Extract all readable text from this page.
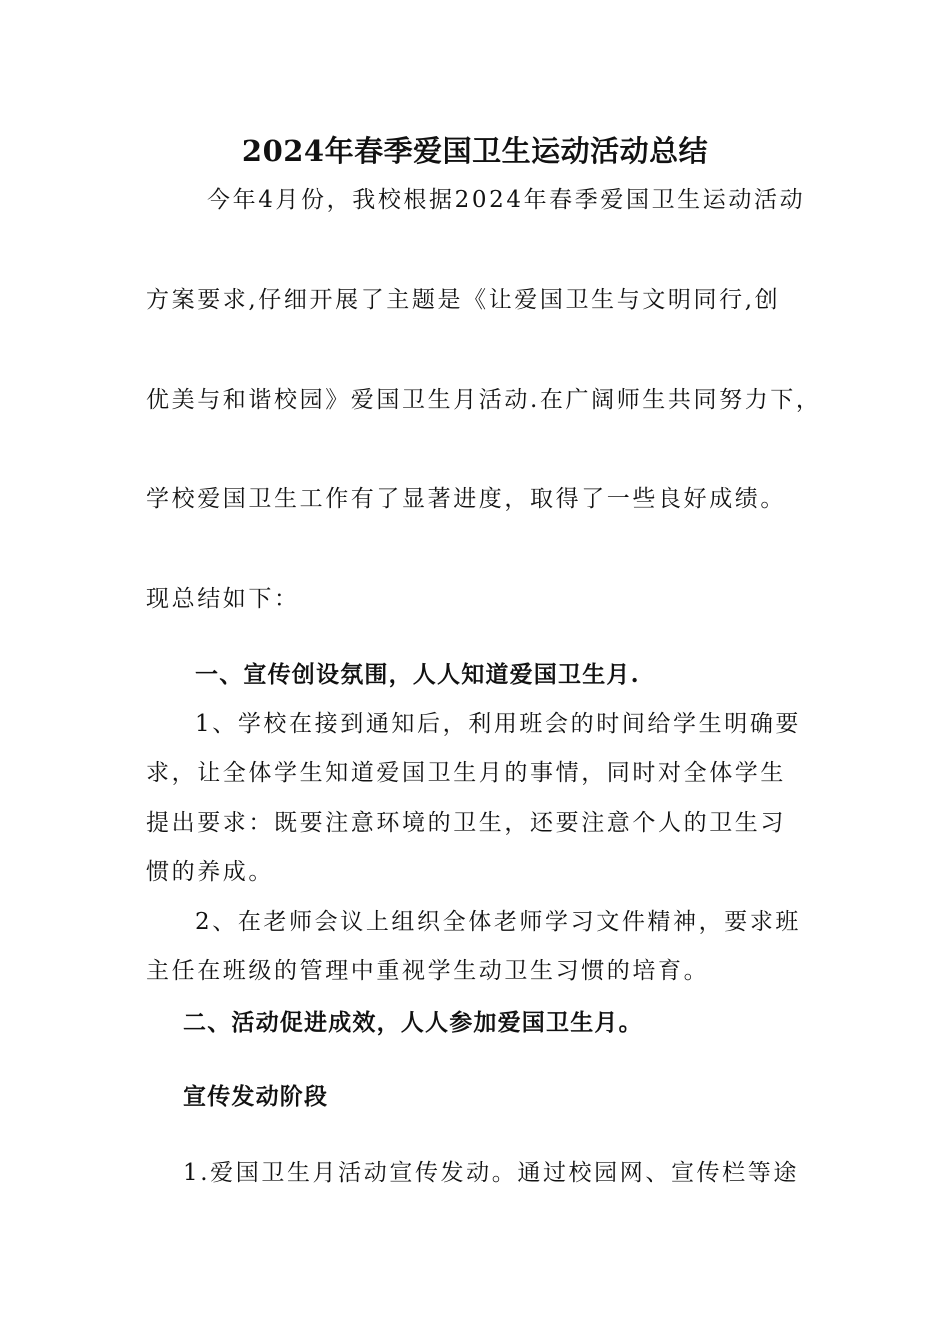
2024年春季爱国卫生运动活动总结

今年4月份，我校根据2024年春季爱国卫生运动活动

方案要求,仔细开展了主题是《让爱国卫生与文明同行,创

优美与和谐校园》爱国卫生月活动.在广阔师生共同努力下，

学校爱国卫生工作有了显著进度，取得了一些良好成绩。

现总结如下：

一、宣传创设氛围，人人知道爱国卫生月.

1、学校在接到通知后，利用班会的时间给学生明确要

求，让全体学生知道爱国卫生月的事情，同时对全体学生

提出要求：既要注意环境的卫生，还要注意个人的卫生习

惯的养成。

2、在老师会议上组织全体老师学习文件精神，要求班

主任在班级的管理中重视学生动卫生习惯的培育。

二、活动促进成效，人人参加爱国卫生月。

宣传发动阶段

1.爱国卫生月活动宣传发动。通过校园网、宣传栏等途
